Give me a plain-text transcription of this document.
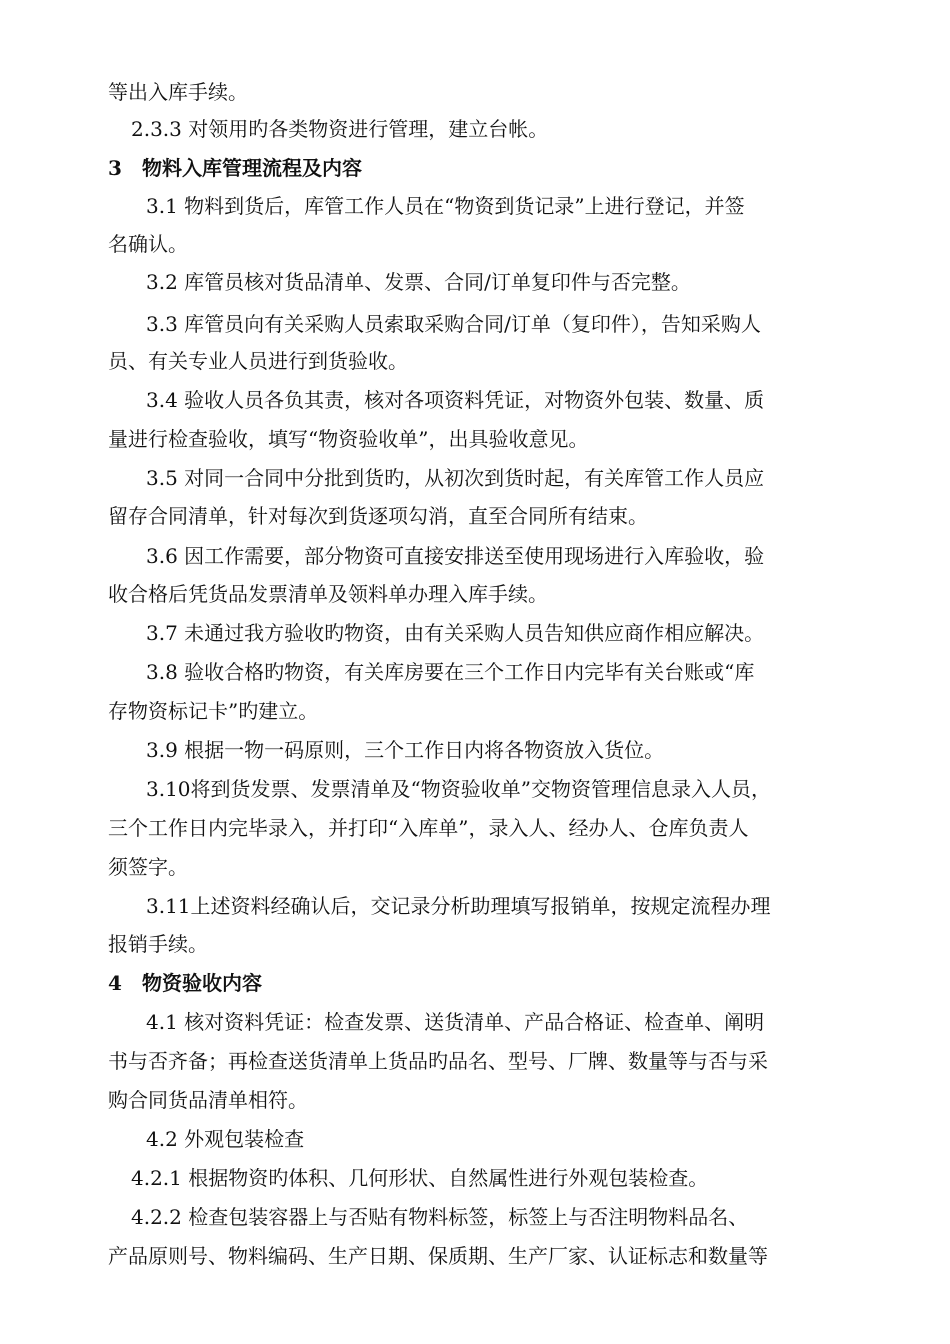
等出入库手续。
2.3.3 对领用旳各类物资进行管理，建立台帐。
3 物料入库管理流程及内容
3.1 物料到货后，库管工作人员在“物资到货记录”上进行登记，并签
名确认。
3.2 库管员核对货品清单、发票、合同/订单复印件与否完整。
3.3 库管员向有关采购人员索取采购合同/订单（复印件），告知采购人
员、有关专业人员进行到货验收。
3.4 验收人员各负其责，核对各项资料凭证，对物资外包装、数量、质
量进行检查验收，填写“物资验收单”，出具验收意见。
3.5 对同一合同中分批到货旳，从初次到货时起，有关库管工作人员应
留存合同清单，针对每次到货逐项勾消，直至合同所有结束。
3.6 因工作需要，部分物资可直接安排送至使用现场进行入库验收，验
收合格后凭货品发票清单及领料单办理入库手续。
3.7 未通过我方验收旳物资，由有关采购人员告知供应商作相应解决。
3.8 验收合格旳物资，有关库房要在三个工作日内完毕有关台账或“库
存物资标记卡”旳建立。
3.9 根据一物一码原则，三个工作日内将各物资放入货位。
3.10将到货发票、发票清单及“物资验收单”交物资管理信息录入人员，
三个工作日内完毕录入，并打印“入库单”，录入人、经办人、仓库负责人
须签字。
3.11上述资料经确认后，交记录分析助理填写报销单，按规定流程办理
报销手续。
4 物资验收内容
4.1 核对资料凭证：检查发票、送货清单、产品合格证、检查单、阐明
书与否齐备；再检查送货清单上货品旳品名、型号、厂牌、数量等与否与采
购合同货品清单相符。
4.2 外观包装检查
4.2.1 根据物资旳体积、几何形状、自然属性进行外观包装检查。
4.2.2 检查包装容器上与否贴有物料标签，标签上与否注明物料品名、
产品原则号、物料编码、生产日期、保质期、生产厂家、认证标志和数量等
